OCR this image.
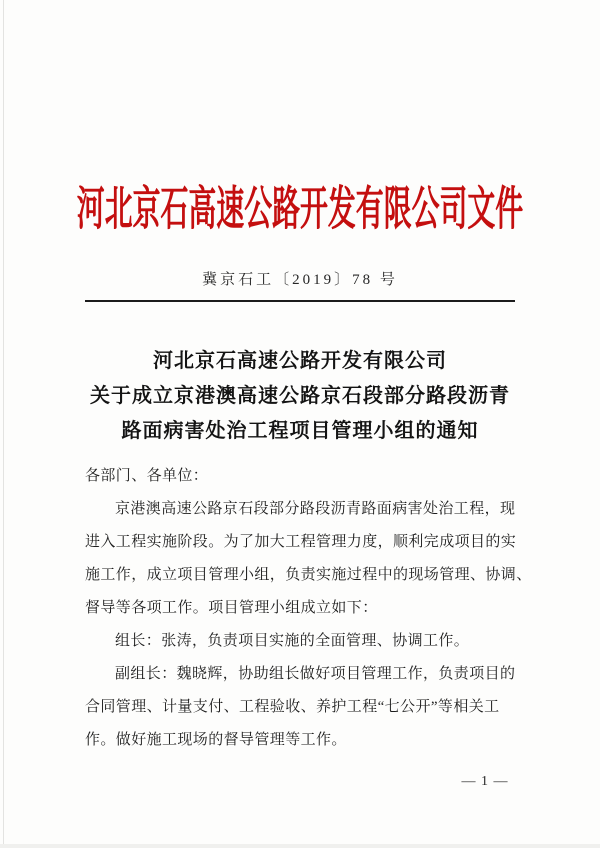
河北京石高速公路开发有限公司文件
冀京石工〔2019〕78 号
河北京石高速公路开发有限公司
关于成立京港澳高速公路京石段部分路段沥青
路面病害处治工程项目管理小组的通知
各部门、各单位：
京港澳高速公路京石段部分路段沥青路面病害处治工程，现
进入工程实施阶段。为了加大工程管理力度，顺利完成项目的实
施工作，成立项目管理小组，负责实施过程中的现场管理、协调、
督导等各项工作。项目管理小组成立如下：
组长：张涛，负责项目实施的全面管理、协调工作。
副组长：魏晓辉，协助组长做好项目管理工作，负责项目的
合同管理、计量支付、工程验收、养护工程“七公开”等相关工
作。做好施工现场的督导管理等工作。
— 1 —
